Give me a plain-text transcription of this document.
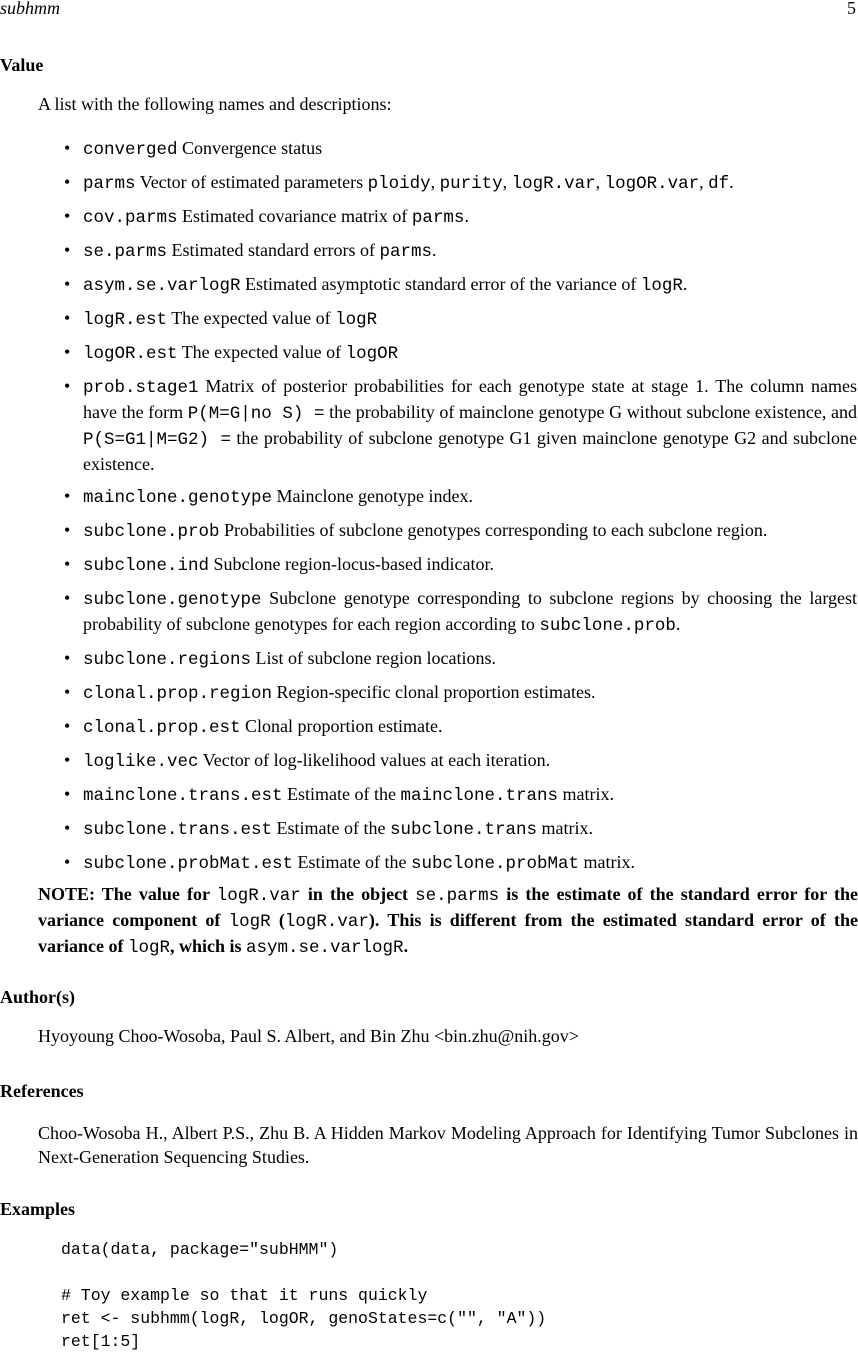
subhmm	5
Value
A list with the following names and descriptions:
• converged Convergence status
• parms Vector of estimated parameters ploidy, purity, logR.var, logOR.var, df.
• cov.parms Estimated covariance matrix of parms.
• se.parms Estimated standard errors of parms.
• asym.se.varlogR Estimated asymptotic standard error of the variance of logR.
• logR.est The expected value of logR
• logOR.est The expected value of logOR
• prob.stage1 Matrix of posterior probabilities for each genotype state at stage 1. The column names have the form P(M=G|no S) = the probability of mainclone genotype G without subclone existence, and P(S=G1|M=G2) = the probability of subclone genotype G1 given mainclone genotype G2 and subclone existence.
• mainclone.genotype Mainclone genotype index.
• subclone.prob Probabilities of subclone genotypes corresponding to each subclone region.
• subclone.ind Subclone region-locus-based indicator.
• subclone.genotype Subclone genotype corresponding to subclone regions by choosing the largest probability of subclone genotypes for each region according to subclone.prob.
• subclone.regions List of subclone region locations.
• clonal.prop.region Region-specific clonal proportion estimates.
• clonal.prop.est Clonal proportion estimate.
• loglike.vec Vector of log-likelihood values at each iteration.
• mainclone.trans.est Estimate of the mainclone.trans matrix.
• subclone.trans.est Estimate of the subclone.trans matrix.
• subclone.probMat.est Estimate of the subclone.probMat matrix.
NOTE: The value for logR.var in the object se.parms is the estimate of the standard error for the variance component of logR (logR.var). This is different from the estimated standard error of the variance of logR, which is asym.se.varlogR.
Author(s)
Hyoyoung Choo-Wosoba, Paul S. Albert, and Bin Zhu <bin.zhu@nih.gov>
References
Choo-Wosoba H., Albert P.S., Zhu B. A Hidden Markov Modeling Approach for Identifying Tumor Subclones in Next-Generation Sequencing Studies.
Examples
data(data, package="subHMM")

# Toy example so that it runs quickly
ret <- subhmm(logR, logOR, genoStates=c("", "A"))
ret[1:5]
